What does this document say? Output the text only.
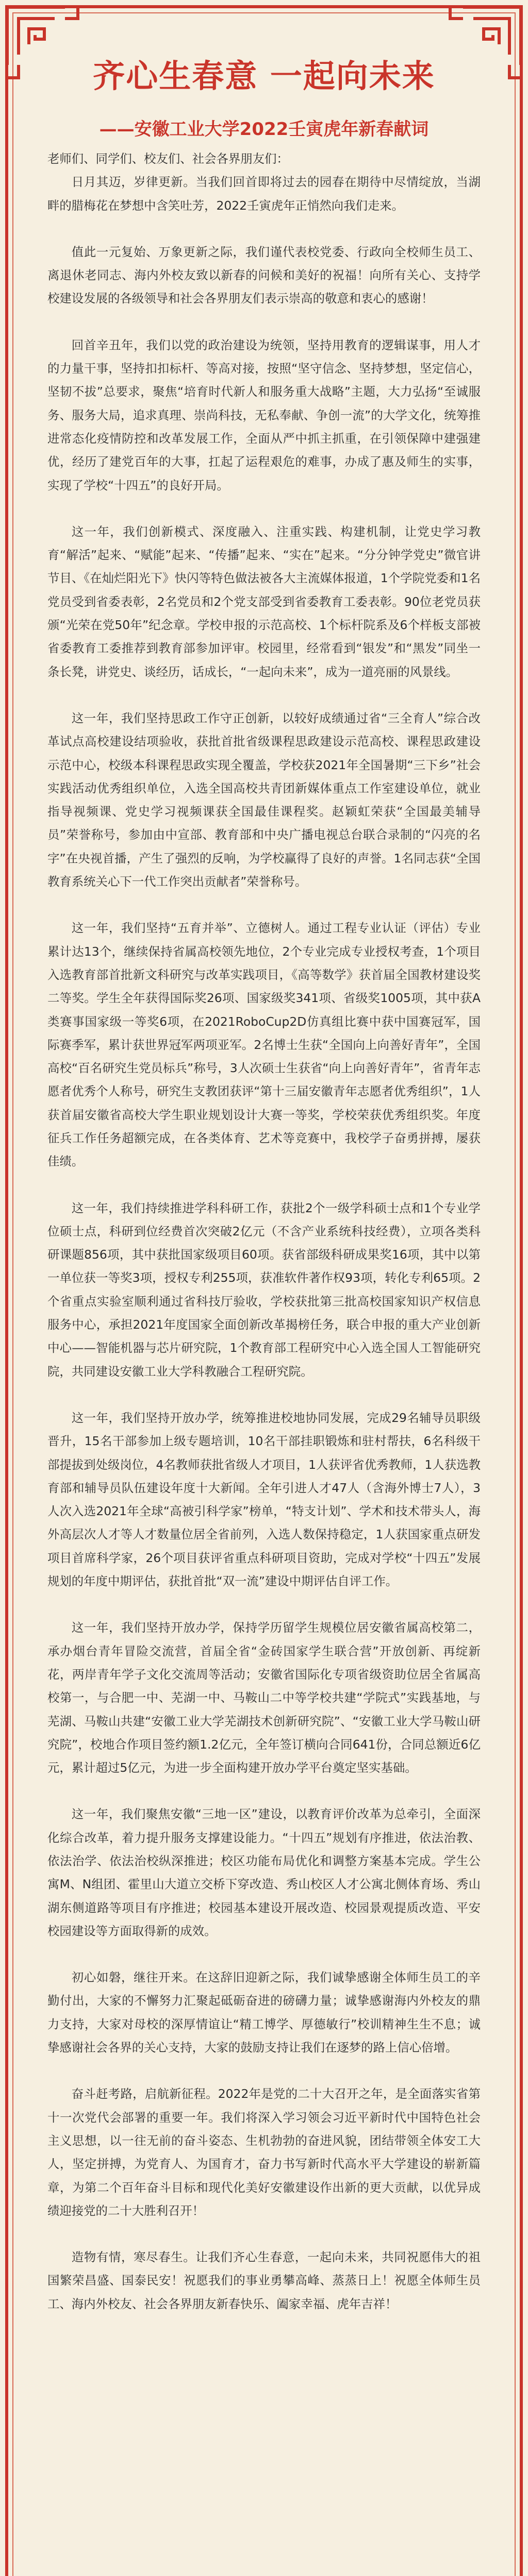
齐心生春意 一起向未来
——安徽工业大学2022壬寅虎年新春献词

老师们、同学们、校友们、社会各界朋友们：

日月其迈，岁律更新。当我们回首即将过去的园春在期待中尽情绽放，当湖畔的腊梅花在梦想中含笑吐芳，2022壬寅虎年正悄然向我们走来。

值此一元复始、万象更新之际，我们谨代表校党委、行政向全校师生员工、离退休老同志、海内外校友致以新春的问候和美好的祝福！向所有关心、支持学校建设发展的各级领导和社会各界朋友们表示崇高的敬意和衷心的感谢！

回首辛丑年，我们以党的政治建设为统领，坚持用教育的逻辑谋事，用人才的力量干事，坚持扣扣标杆、等高对接，按照“坚守信念、坚持梦想，坚定信心，坚韧不拔”总要求，聚焦“培育时代新人和服务重大战略”主题，大力弘扬“至诚服务、服务大局，追求真理、崇尚科技，无私奉献、争创一流”的大学文化，统筹推进常态化疫情防控和改革发展工作，全面从严中抓主抓重，在引领保障中建强建优，经历了建党百年的大事，扛起了运程艰危的难事，办成了惠及师生的实事，实现了学校“十四五”的良好开局。

这一年，我们创新模式、深度融入、注重实践、构建机制，让党史学习教育“解活”起来、“赋能”起来、“传播”起来、“实在”起来。“分分钟学党史”微官讲节目、《在灿烂阳光下》快闪等特色做法被各大主流媒体报道，1个学院党委和1名党员受到省委表彰，2名党员和2个党支部受到省委教育工委表彰。90位老党员获颁“光荣在党50年”纪念章。学校申报的示范高校、1个标杆院系及6个样板支部被省委教育工委推荐到教育部参加评审。校园里，经常看到“银发”和“黑发”同坐一条长凳，讲党史、谈经历，话成长，“一起向未来”，成为一道亮丽的风景线。

这一年，我们坚持思政工作守正创新，以较好成绩通过省“三全育人”综合改革试点高校建设结项验收，获批首批省级课程思政建设示范高校、课程思政建设示范中心，校级本科课程思政实现全覆盖，学校获2021年全国暑期“三下乡”社会实践活动优秀组织单位，入选全国高校共青团新媒体重点工作室建设单位，就业指导视频课、党史学习视频课获全国最佳课程奖。赵颖虹荣获“全国最美辅导员”荣誉称号，参加由中宣部、教育部和中央广播电视总台联合录制的“闪亮的名字”在央视首播，产生了强烈的反响，为学校赢得了良好的声誉。1名同志获“全国教育系统关心下一代工作突出贡献者”荣誉称号。

这一年，我们坚持“五育并举”、立德树人。通过工程专业认证（评估）专业累计达13个，继续保持省属高校领先地位，2个专业完成专业授权考查，1个项目入选教育部首批新文科研究与改革实践项目，《高等数学》获首届全国教材建设奖二等奖。学生全年获得国际奖26项、国家级奖341项、省级奖1005项，其中获A类赛事国家级一等奖6项，在2021RoboCup2D仿真组比赛中获中国赛冠军，国际赛季军，累计获世界冠军两项亚军。2名博士生获“全国向上向善好青年”，全国高校“百名研究生党员标兵”称号，3人次硕士生获省“向上向善好青年”，省青年志愿者优秀个人称号，研究生支教团获评“第十三届安徽青年志愿者优秀组织”，1人获首届安徽省高校大学生职业规划设计大赛一等奖，学校荣获优秀组织奖。年度征兵工作任务超额完成，在各类体育、艺术等竞赛中，我校学子奋勇拼搏，屡获佳绩。

这一年，我们持续推进学科科研工作，获批2个一级学科硕士点和1个专业学位硕士点，科研到位经费首次突破2亿元（不含产业系统科技经费），立项各类科研课题856项，其中获批国家级项目60项。获省部级科研成果奖16项，其中以第一单位获一等奖3项，授权专利255项，获准软件著作权93项，转化专利65项。2个省重点实验室顺利通过省科技厅验收，学校获批第三批高校国家知识产权信息服务中心，承担2021年度国家全面创新改革揭榜任务，联合申报的重大产业创新中心——智能机器与芯片研究院，1个教育部工程研究中心入选全国人工智能研究院，共同建设安徽工业大学科教融合工程研究院。

这一年，我们坚持开放办学，统筹推进校地协同发展，完成29名辅导员职级晋升，15名干部参加上级专题培训，10名干部挂职锻炼和驻村帮扶，6名科级干部提拔到处级岗位，4名教师获批省级人才项目，1人获评省优秀教师，1人获选教育部和辅导员队伍建设年度十大新闻。全年引进人才47人（含海外博士7人），3人次入选2021年全球“高被引科学家”榜单，“特支计划”、学术和技术带头人，海外高层次人才等人才数量位居全省前列，入选人数保持稳定，1人获国家重点研发项目首席科学家，26个项目获评省重点科研项目资助，完成对学校“十四五”发展规划的年度中期评估，获批首批“双一流”建设中期评估自评工作。

这一年，我们坚持开放办学，保持学历留学生规模位居安徽省属高校第二，承办烟台青年冒险交流营，首届全省“金砖国家学生联合营”开放创新、再绽新花，两岸青年学子文化交流周等活动；安徽省国际化专项省级资助位居全省属高校第一，与合肥一中、芜湖一中、马鞍山二中等学校共建“学院式”实践基地，与芜湖、马鞍山共建“安徽工业大学芜湖技术创新研究院”、“安徽工业大学马鞍山研究院”，校地合作项目签约额1.2亿元，全年签订横向合同641份，合同总额近6亿元，累计超过5亿元，为进一步全面构建开放办学平台奠定坚实基础。

这一年，我们聚焦安徽“三地一区”建设，以教育评价改革为总牵引，全面深化综合改革，着力提升服务支撑建设能力。“十四五”规划有序推进，依法治教、依法治学、依法治校纵深推进；校区功能布局优化和调整方案基本完成。学生公寓M、N组团、霍里山大道立交桥下穿改造、秀山校区人才公寓北侧体育场、秀山湖东侧道路等项目有序推进；校园基本建设开展改造、校园景观提质改造、平安校园建设等方面取得新的成效。

初心如磐，继往开来。在这辞旧迎新之际，我们诚挚感谢全体师生员工的辛勤付出，大家的不懈努力汇聚起砥砺奋进的磅礴力量；诚挚感谢海内外校友的鼎力支持，大家对母校的深厚情谊让“精工博学、厚德敏行”校训精神生生不息；诚挚感谢社会各界的关心支持，大家的鼓励支持让我们在逐梦的路上信心倍增。

奋斗赶考路，启航新征程。2022年是党的二十大召开之年，是全面落实省第十一次党代会部署的重要一年。我们将深入学习领会习近平新时代中国特色社会主义思想，以一往无前的奋斗姿态、生机勃勃的奋进风貌，团结带领全体安工大人，坚定拼搏，为党育人、为国育才，奋力书写新时代高水平大学建设的崭新篇章，为第二个百年奋斗目标和现代化美好安徽建设作出新的更大贡献，以优异成绩迎接党的二十大胜利召开！

造物有情，寒尽春生。让我们齐心生春意，一起向未来，共同祝愿伟大的祖国繁荣昌盛、国泰民安！祝愿我们的事业勇攀高峰、蒸蒸日上！祝愿全体师生员工、海内外校友、社会各界朋友新春快乐、阖家幸福、虎年吉祥！
